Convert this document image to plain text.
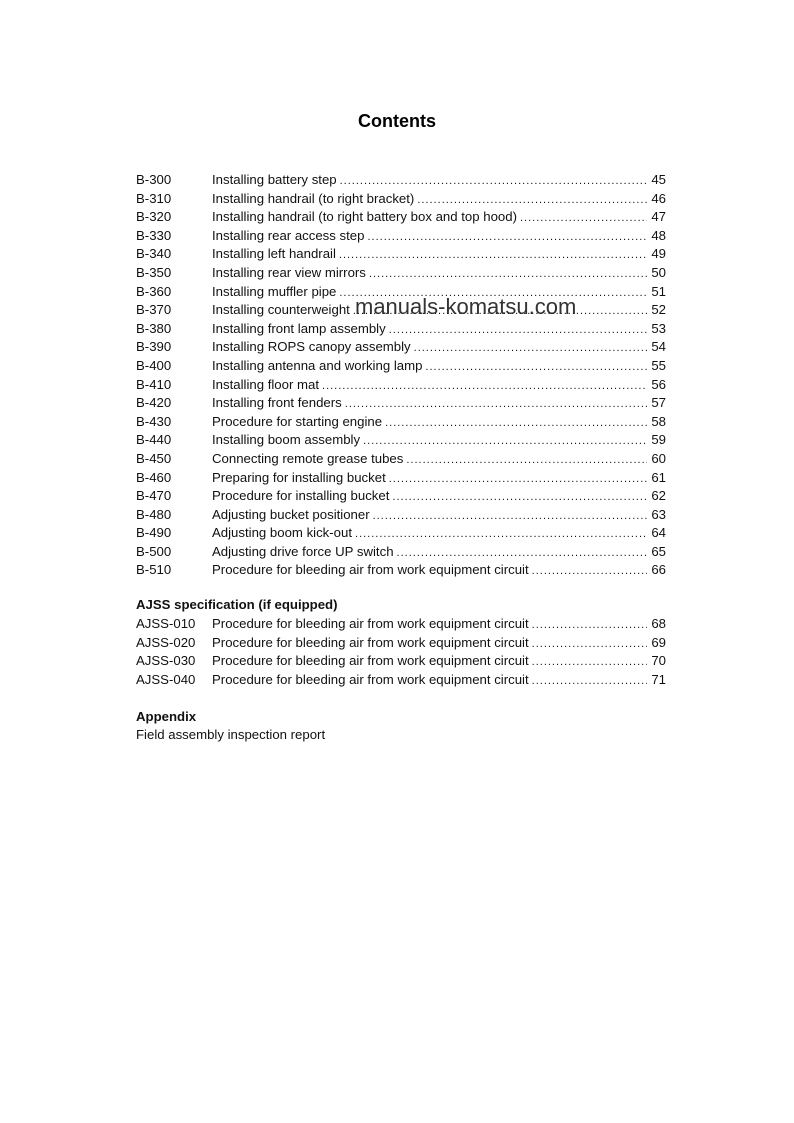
Contents
B-300	Installing battery step .....	45
B-310	Installing handrail (to right bracket) .....	46
B-320	Installing handrail (to right battery box and top hood) .....	47
B-330	Installing rear access step .....	48
B-340	Installing left handrail .....	49
B-350	Installing rear view mirrors .....	50
B-360	Installing muffler pipe .....	51
B-370	Installing counterweight .....	52
B-380	Installing front lamp assembly .....	53
B-390	Installing ROPS canopy assembly .....	54
B-400	Installing antenna and working lamp .....	55
B-410	Installing floor mat .....	56
B-420	Installing front fenders .....	57
B-430	Procedure for starting engine .....	58
B-440	Installing boom assembly .....	59
B-450	Connecting remote grease tubes .....	60
B-460	Preparing for installing bucket .....	61
B-470	Procedure for installing bucket .....	62
B-480	Adjusting bucket positioner .....	63
B-490	Adjusting boom kick-out .....	64
B-500	Adjusting drive force UP switch .....	65
B-510	Procedure for bleeding air from work equipment circuit .....	66
AJSS specification (if equipped)
AJSS-010	Procedure for bleeding air from work equipment circuit .....	68
AJSS-020	Procedure for bleeding air from work equipment circuit .....	69
AJSS-030	Procedure for bleeding air from work equipment circuit .....	70
AJSS-040	Procedure for bleeding air from work equipment circuit .....	71
Appendix
Field assembly inspection report
manuals-komatsu.com
